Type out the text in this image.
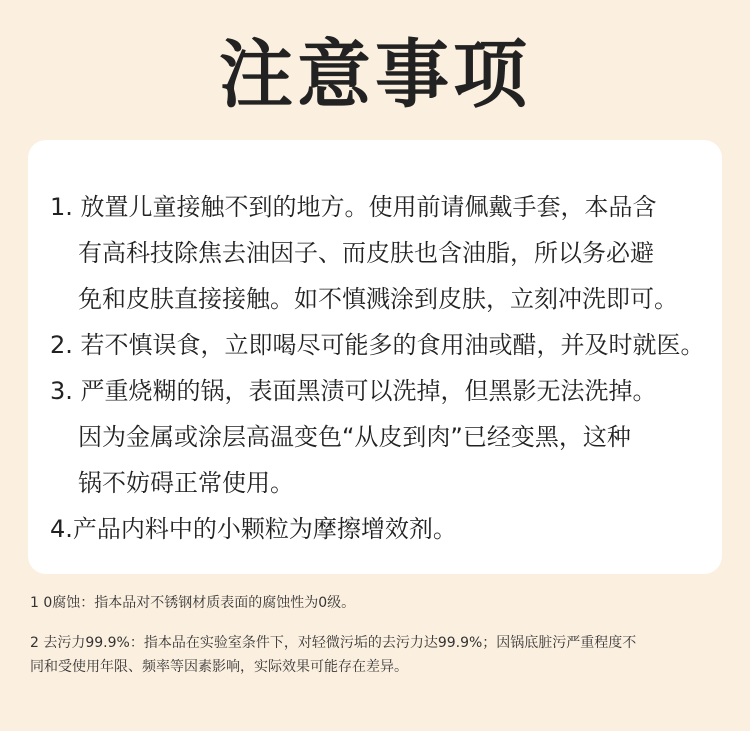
注意事项
1. 放置儿童接触不到的地方。使用前请佩戴手套，本品含
有高科技除焦去油因子、而皮肤也含油脂，所以务必避
免和皮肤直接接触。如不慎溅涂到皮肤，立刻冲洗即可。
2. 若不慎误食，立即喝尽可能多的食用油或醋，并及时就医。
3. 严重烧糊的锅，表面黑渍可以洗掉，但黑影无法洗掉。
因为金属或涂层高温变色“从皮到肉”已经变黑，这种
锅不妨碍正常使用。
4.产品内料中的小颗粒为摩擦增效剂。
1 0腐蚀：指本品对不锈钢材质表面的腐蚀性为0级。
2 去污力99.9%：指本品在实验室条件下，对轻微污垢的去污力达99.9%；因锅底脏污严重程度不
同和受使用年限、频率等因素影响，实际效果可能存在差异。
